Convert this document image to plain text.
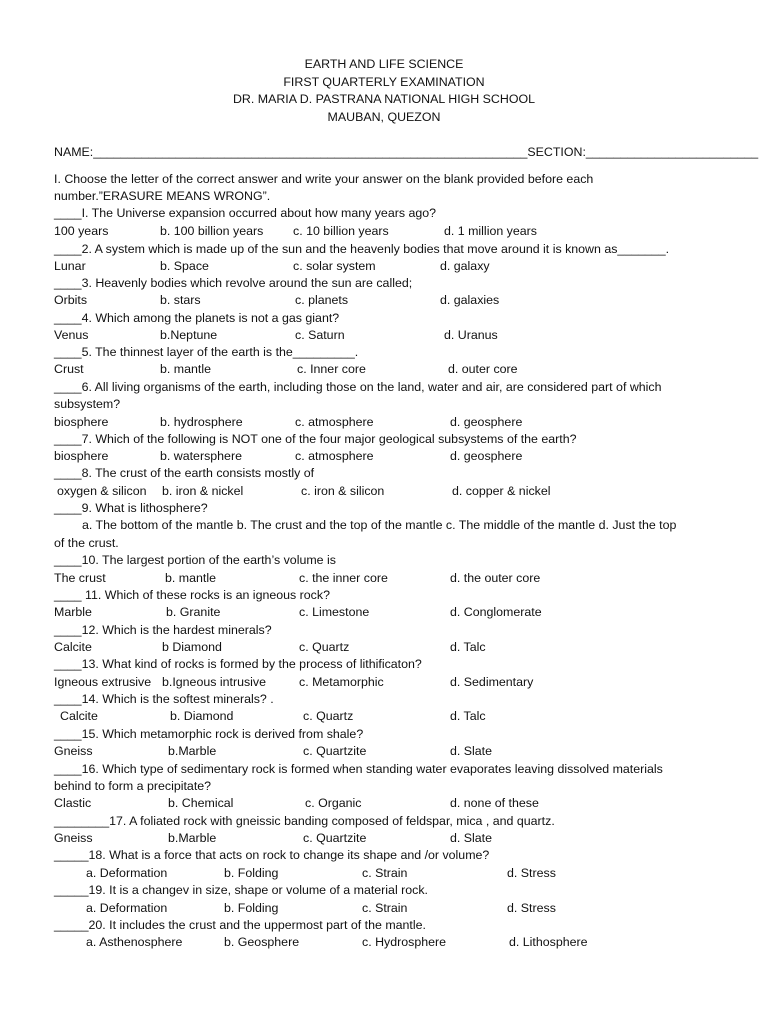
EARTH AND LIFE SCIENCE
FIRST QUARTERLY EXAMINATION
DR. MARIA D. PASTRANA NATIONAL HIGH SCHOOL
MAUBAN, QUEZON
NAME:_______________________________________________________________SECTION:_________________________
I. Choose the letter of the correct answer and write your answer on the blank provided before each
number.”ERASURE MEANS WRONG”.
____I. The Universe expansion occurred about how many years ago?
100 years	b. 100 billion years c. 10 billion years	d. 1 million years
____2. A system which is made up of the sun and the heavenly bodies that move around it is known as_______.
Lunar	b. Space	c. solar system	d. galaxy
____3. Heavenly bodies which revolve around the sun are called;
Orbits	b. stars	c. planets	d. galaxies
____4. Which among the planets is not a gas giant?
Venus	b.Neptune	c. Saturn	d. Uranus
____5. The thinnest layer of the earth is the_________.
Crust	b. mantle	c. Inner core	d. outer core
____6. All living organisms of the earth, including those on the land, water and air, are considered part of which
subsystem?
biosphere	b. hydrosphere	c. atmosphere	d. geosphere
____7. Which of the following is NOT one of the four major geological subsystems of the earth?
biosphere	b. watersphere	c. atmosphere	d. geosphere
____8. The crust of the earth consists mostly of
oxygen & silicon b. iron & nickel	c. iron & silicon	d. copper & nickel
____9. What is lithosphere?
a. The bottom of the mantle b. The crust and the top of the mantle c. The middle of the mantle d. Just the top
of the crust.
____10. The largest portion of the earth’s volume is
The crust	b. mantle	c. the inner core	d. the outer core
____ 11. Which of these rocks is an igneous rock?
Marble	b. Granite	c. Limestone	d. Conglomerate
____12. Which is the hardest minerals?
Calcite	b Diamond	c. Quartz	d. Talc
____13. What kind of rocks is formed by the process of lithificaton?
Igneous extrusive b.Igneous intrusive	c. Metamorphic	d. Sedimentary
____14. Which is the softest minerals? .
Calcite	b. Diamond	c. Quartz	d. Talc
____15. Which metamorphic rock is derived from shale?
Gneiss	b.Marble	c. Quartzite	d. Slate
____16. Which type of sedimentary rock is formed when standing water evaporates leaving dissolved materials
behind to form a precipitate?
Clastic	b. Chemical	c. Organic	d. none of these
________17. A foliated rock with gneissic banding composed of feldspar, mica , and quartz.
Gneiss	b.Marble	c. Quartzite	d. Slate
_____18. What is a force that acts on rock to change its shape and /or volume?
a. Deformation	b. Folding	c. Strain	d. Stress
_____19. It is a changev in size, shape or volume of a material rock.
a. Deformation	b. Folding	c. Strain	d. Stress
_____20. It includes the crust and the uppermost part of the mantle.
a. Asthenosphere	b. Geosphere	c. Hydrosphere	d. Lithosphere
